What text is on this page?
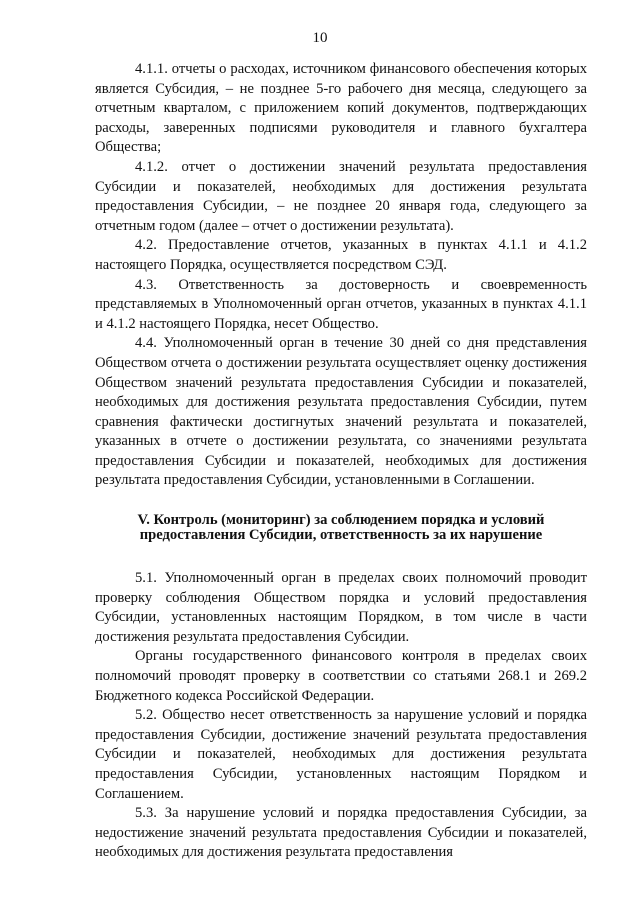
10

4.1.1. отчеты о расходах, источником финансового обеспечения которых является Субсидия, – не позднее 5-го рабочего дня месяца, следующего за отчетным кварталом, с приложением копий документов, подтверждающих расходы, заверенных подписями руководителя и главного бухгалтера Общества;

4.1.2. отчет о достижении значений результата предоставления Субсидии и показателей, необходимых для достижения результата предоставления Субсидии, – не позднее 20 января года, следующего за отчетным годом (далее – отчет о достижении результата).

4.2. Предоставление отчетов, указанных в пунктах 4.1.1 и 4.1.2 настоящего Порядка, осуществляется посредством СЭД.

4.3. Ответственность за достоверность и своевременность представляемых в Уполномоченный орган отчетов, указанных в пунктах 4.1.1 и 4.1.2 настоящего Порядка, несет Общество.

4.4. Уполномоченный орган в течение 30 дней со дня представления Обществом отчета о достижении результата осуществляет оценку достижения Обществом значений результата предоставления Субсидии и показателей, необходимых для достижения результата предоставления Субсидии, путем сравнения фактически достигнутых значений результата и показателей, указанных в отчете о достижении результата, со значениями результата предоставления Субсидии и показателей, необходимых для достижения результата предоставления Субсидии, установленными в Соглашении.

V. Контроль (мониторинг) за соблюдением порядка и условий
предоставления Субсидии, ответственность за их нарушение

5.1. Уполномоченный орган в пределах своих полномочий проводит проверку соблюдения Обществом порядка и условий предоставления Субсидии, установленных настоящим Порядком, в том числе в части достижения результата предоставления Субсидии.

Органы государственного финансового контроля в пределах своих полномочий проводят проверку в соответствии со статьями 268.1 и 269.2 Бюджетного кодекса Российской Федерации.

5.2. Общество несет ответственность за нарушение условий и порядка предоставления Субсидии, достижение значений результата предоставления Субсидии и показателей, необходимых для достижения результата предоставления Субсидии, установленных настоящим Порядком и Соглашением.

5.3. За нарушение условий и порядка предоставления Субсидии, за недостижение значений результата предоставления Субсидии и показателей, необходимых для достижения результата предоставления
